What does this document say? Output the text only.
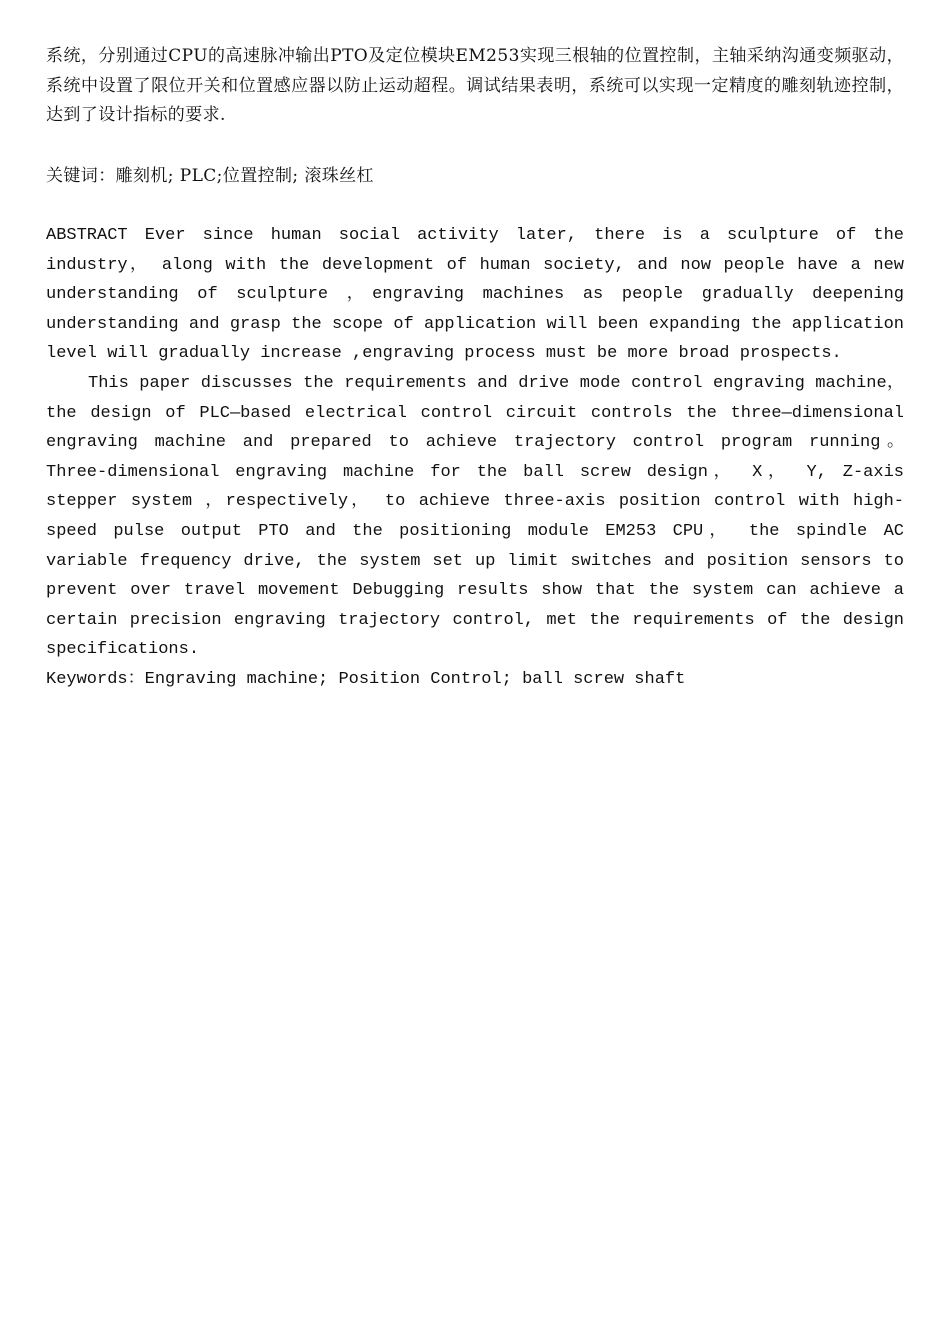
系统，分别通过CPU的高速脉冲输出PTO及定位模块EM253实现三根轴的位置控制，主轴采纳沟通变频驱动，系统中设置了限位开关和位置感应器以防止运动超程。调试结果表明，系统可以实现一定精度的雕刻轨迹控制，达到了设计指标的要求.

关键词：雕刻机; PLC;位置控制; 滚珠丝杠

ABSTRACT Ever since human social activity later, there is a sculpture of the industry， along with the development of human society, and now people have a new understanding of sculpture ，engraving machines as people gradually deepening understanding and grasp the scope of application will been expanding the application level will gradually increase ,engraving process must be more broad prospects.

This paper discusses the requirements and drive mode control engraving machine， the design of PLC—based electrical control circuit controls the three—dimensional engraving machine and prepared to achieve trajectory control program running。 Three-dimensional engraving machine for the ball screw design， X， Y, Z-axis stepper system ，respectively， to achieve three-axis position control with high-speed pulse output PTO and the positioning module EM253 CPU， the spindle AC variable frequency drive, the system set up limit switches and position sensors to prevent over travel movement Debugging results show that the system can achieve a certain precision engraving trajectory control, met the requirements of the design specifications.

Keywords：Engraving machine; Position Control; ball screw shaft
